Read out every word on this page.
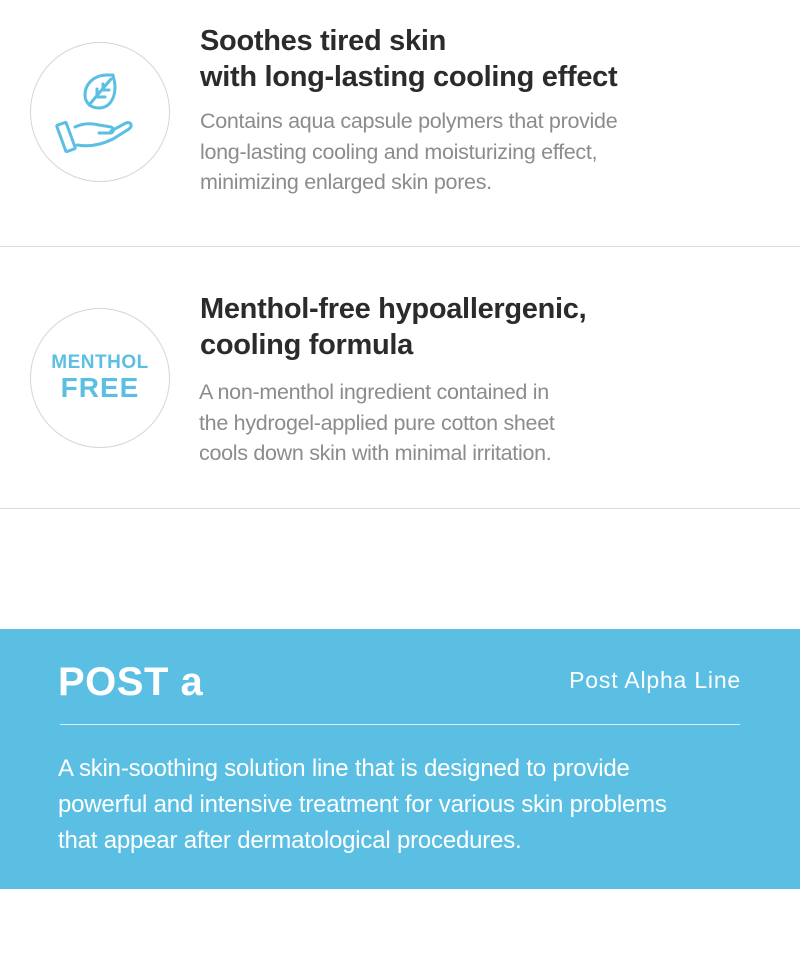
Soothes tired skin
with long-lasting cooling effect

Contains aqua capsule polymers that provide
long-lasting cooling and moisturizing effect,
minimizing enlarged skin pores.

MENTHOL
FREE
Menthol-free hypoallergenic,
cooling formula

A non-menthol ingredient contained in
the hydrogel-applied pure cotton sheet
cools down skin with minimal irritation.

POST a	Post Alpha Line

A skin-soothing solution line that is designed to provide
powerful and intensive treatment for various skin problems
that appear after dermatological procedures.
